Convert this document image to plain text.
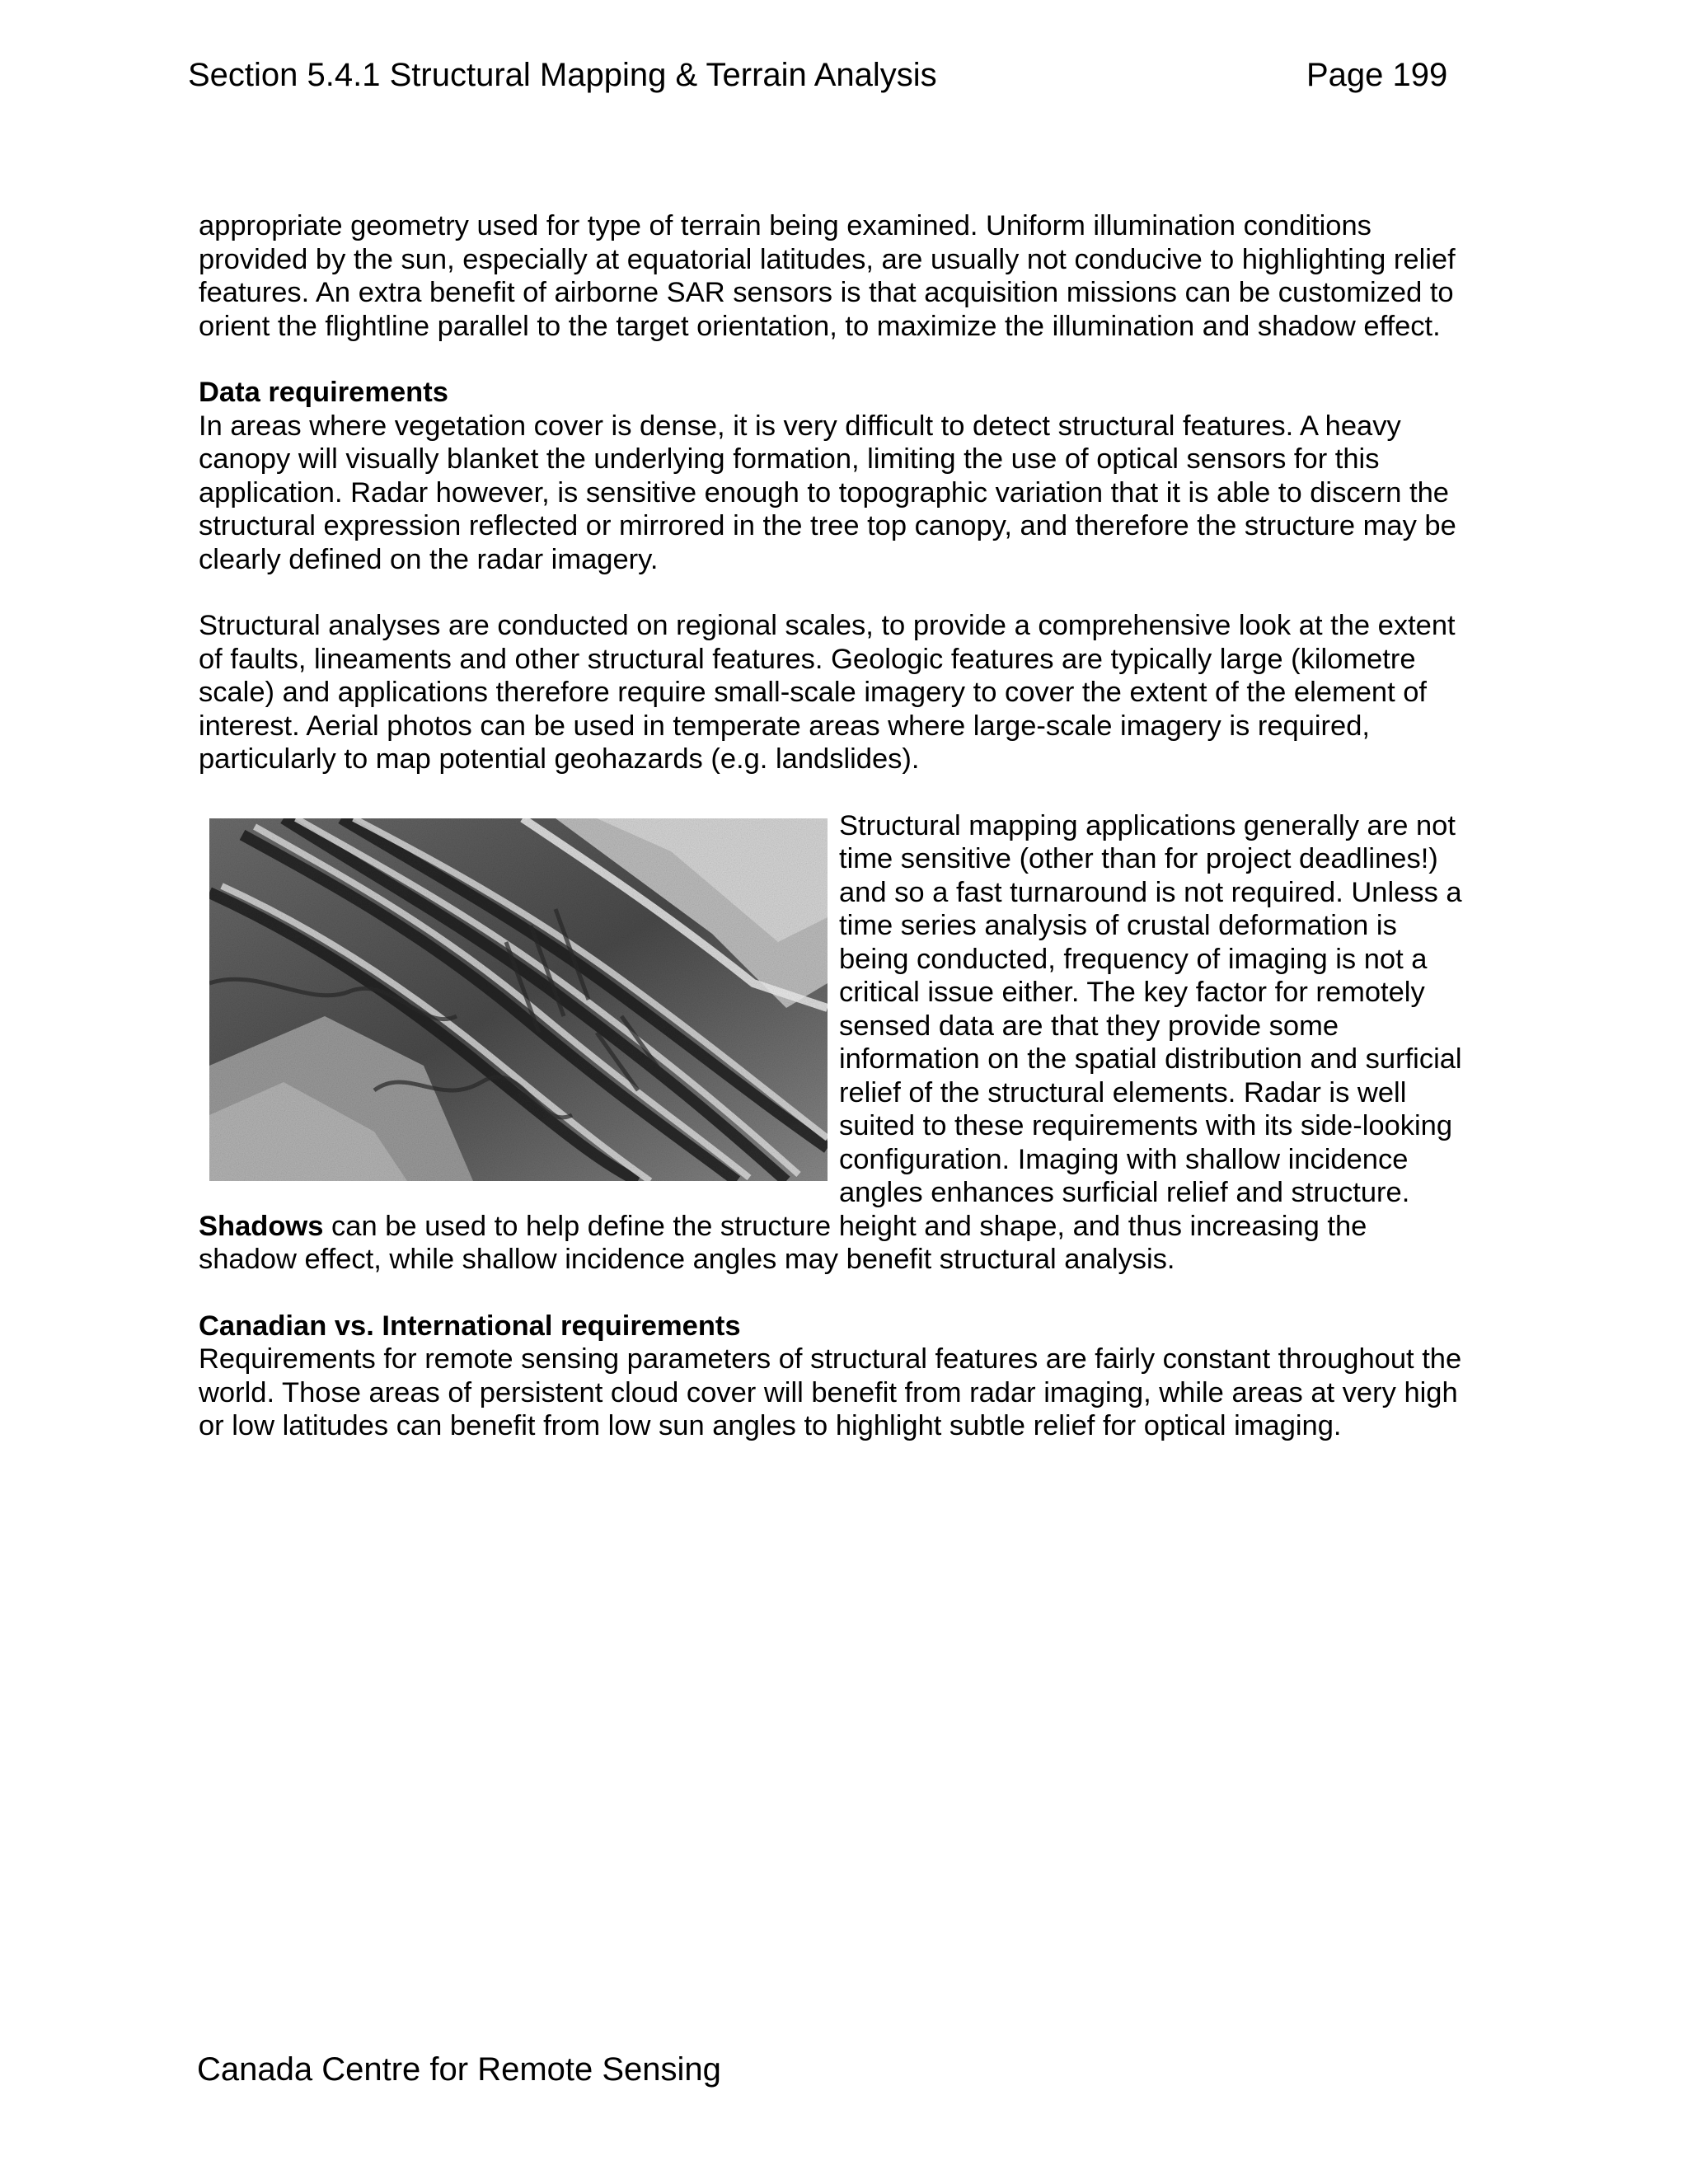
Section 5.4.1 Structural Mapping & Terrain Analysis	Page 199

appropriate geometry used for type of terrain being examined. Uniform illumination conditions provided by the sun, especially at equatorial latitudes, are usually not conducive to highlighting relief features. An extra benefit of airborne SAR sensors is that acquisition missions can be customized to orient the flightline parallel to the target orientation, to maximize the illumination and shadow effect.

Data requirements
In areas where vegetation cover is dense, it is very difficult to detect structural features. A heavy canopy will visually blanket the underlying formation, limiting the use of optical sensors for this application. Radar however, is sensitive enough to topographic variation that it is able to discern the structural expression reflected or mirrored in the tree top canopy, and therefore the structure may be clearly defined on the radar imagery.

Structural analyses are conducted on regional scales, to provide a comprehensive look at the extent of faults, lineaments and other structural features. Geologic features are typically large (kilometre scale) and applications therefore require small-scale imagery to cover the extent of the element of interest. Aerial photos can be used in temperate areas where large-scale imagery is required, particularly to map potential geohazards (e.g. landslides).

Structural mapping applications generally are not time sensitive (other than for project deadlines!) and so a fast turnaround is not required. Unless a time series analysis of crustal deformation is being conducted, frequency of imaging is not a critical issue either. The key factor for remotely sensed data are that they provide some information on the spatial distribution and surficial relief of the structural elements. Radar is well suited to these requirements with its side-looking configuration. Imaging with shallow incidence angles enhances surficial relief and structure.
Shadows can be used to help define the structure height and shape, and thus increasing the shadow effect, while shallow incidence angles may benefit structural analysis.

Canadian vs. International requirements
Requirements for remote sensing parameters of structural features are fairly constant throughout the world. Those areas of persistent cloud cover will benefit from radar imaging, while areas at very high or low latitudes can benefit from low sun angles to highlight subtle relief for optical imaging.

Canada Centre for Remote Sensing
